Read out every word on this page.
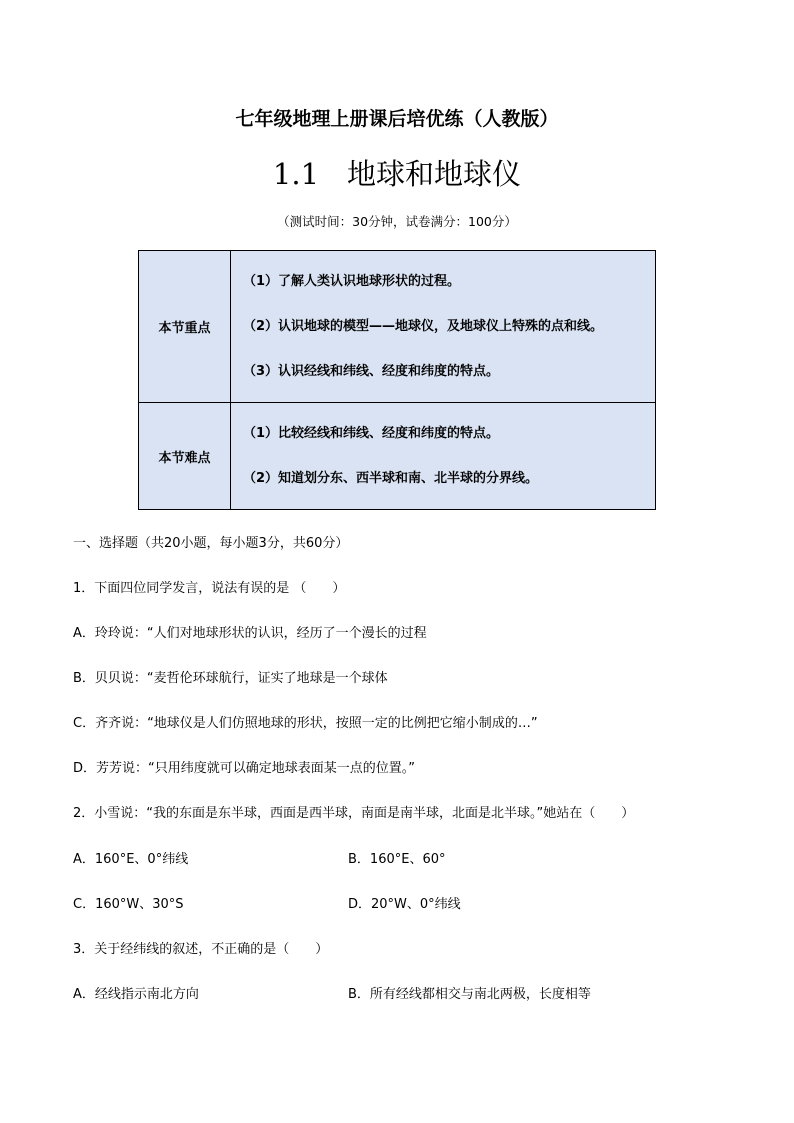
七年级地理上册课后培优练（人教版）
1.1 地球和地球仪
（测试时间：30分钟，试卷满分：100分）
本节重点	（1）了解人类认识地球形状的过程。
（2）认识地球的模型——地球仪，及地球仪上特殊的点和线。
（3）认识经线和纬线、经度和纬度的特点。

本节难点	（1）比较经线和纬线、经度和纬度的特点。
（2）知道划分东、西半球和南、北半球的分界线。
一、选择题（共20小题，每小题3分，共60分）
1．下面四位同学发言，说法有误的是 （　　）
A．玲玲说：“人们对地球形状的认识，经历了一个漫长的过程
B．贝贝说：“麦哲伦环球航行，证实了地球是一个球体
C．齐齐说：“地球仪是人们仿照地球的形状，按照一定的比例把它缩小制成的…”
D．芳芳说：“只用纬度就可以确定地球表面某一点的位置。”
2．小雪说：“我的东面是东半球，西面是西半球，南面是南半球，北面是北半球。”她站在（　　）
A．160°E、0°纬线	B．160°E、60°
C．160°W、30°S	D．20°W、0°纬线
3．关于经纬线的叙述，不正确的是（　　）
A．经线指示南北方向	B．所有经线都相交与南北两极，长度相等
